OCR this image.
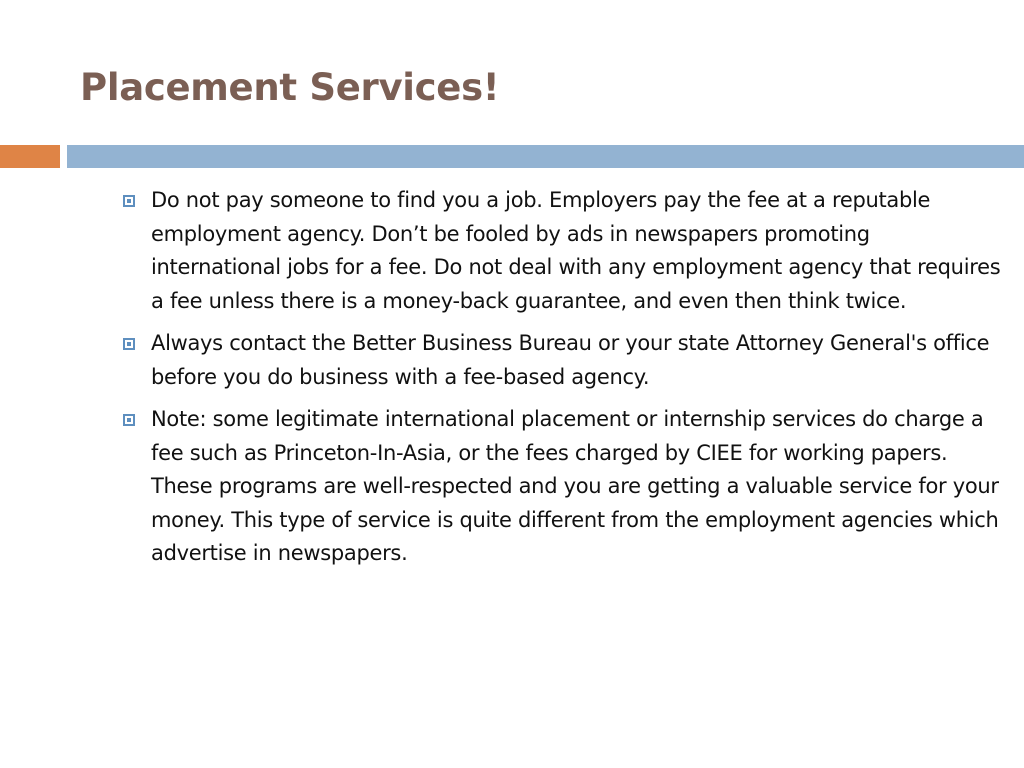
Placement Services!
Do not pay someone to find you a job. Employers pay the fee at a reputable employment agency. Don’t be fooled by ads in newspapers promoting international jobs for a fee. Do not deal with any employment agency that requires a fee unless there is a money-back guarantee, and even then think twice.
Always contact the Better Business Bureau or your state Attorney General's office before you do business with a fee-based agency.
Note: some legitimate international placement or internship services do charge a fee such as Princeton-In-Asia, or the fees charged by CIEE for working papers. These programs are well-respected and you are getting a valuable service for your money. This type of service is quite different from the employment agencies which advertise in newspapers.
